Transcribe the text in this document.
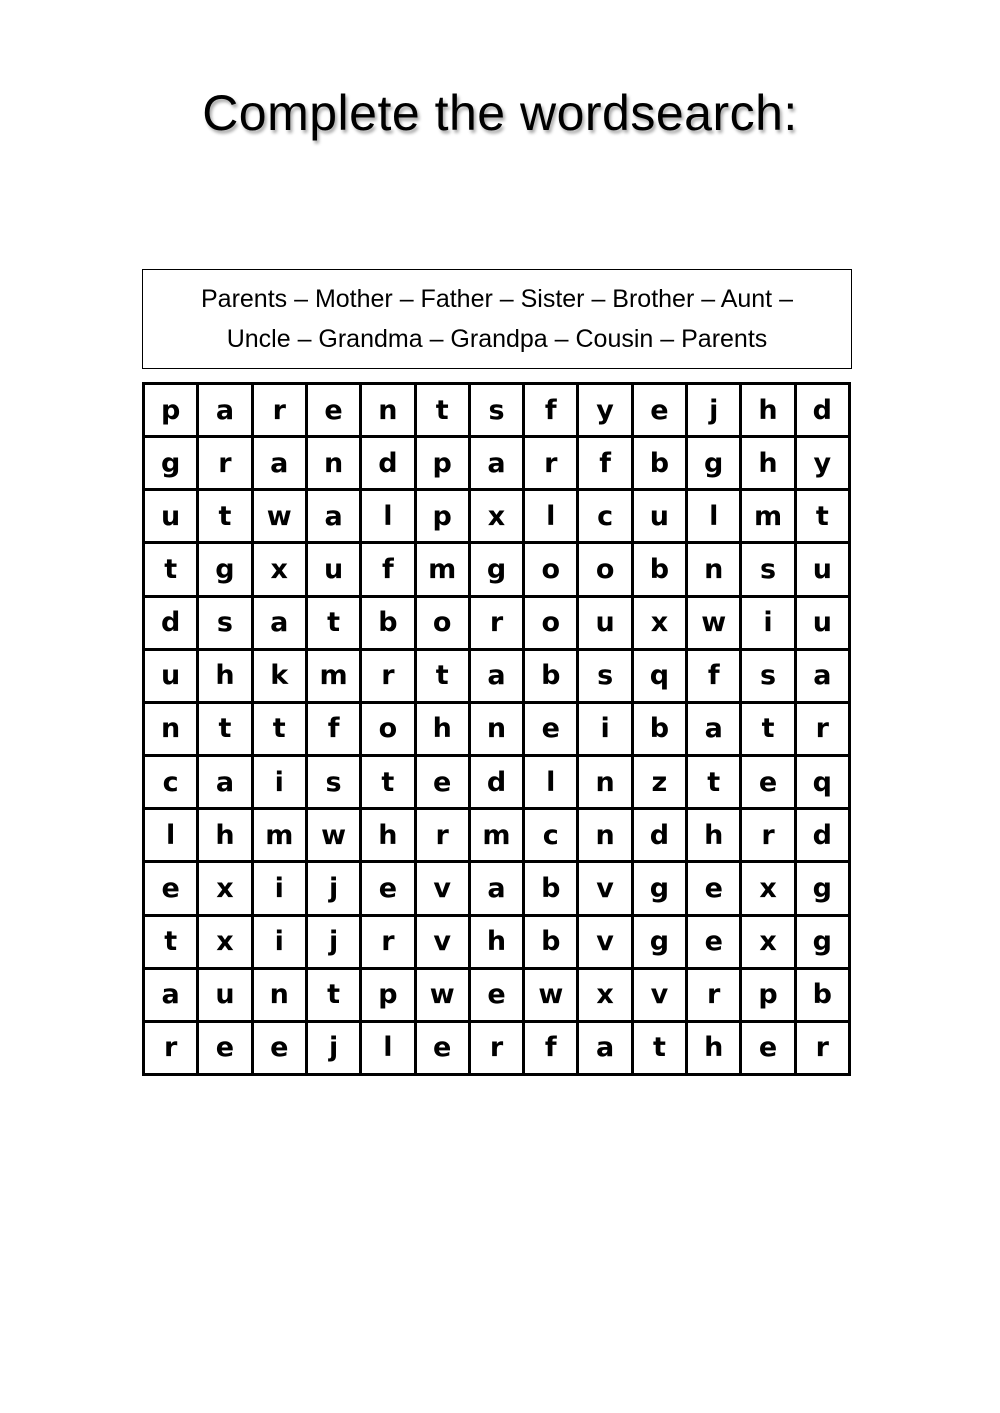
Complete the wordsearch:
Parents – Mother – Father – Sister – Brother – Aunt –
Uncle – Grandma – Grandpa – Cousin – Parents
p	a	r	e	n	t	s	f	y	e	j	h	d
g	r	a	n	d	p	a	r	f	b	g	h	y
u	t	w	a	l	p	x	l	c	u	l	m	t
t	g	x	u	f	m	g	o	o	b	n	s	u
d	s	a	t	b	o	r	o	u	x	w	i	u
u	h	k	m	r	t	a	b	s	q	f	s	a
n	t	t	f	o	h	n	e	i	b	a	t	r
c	a	i	s	t	e	d	l	n	z	t	e	q
l	h	m	w	h	r	m	c	n	d	h	r	d
e	x	i	j	e	v	a	b	v	g	e	x	g
t	x	i	j	r	v	h	b	v	g	e	x	g
a	u	n	t	p	w	e	w	x	v	r	p	b
r	e	e	j	l	e	r	f	a	t	h	e	r
